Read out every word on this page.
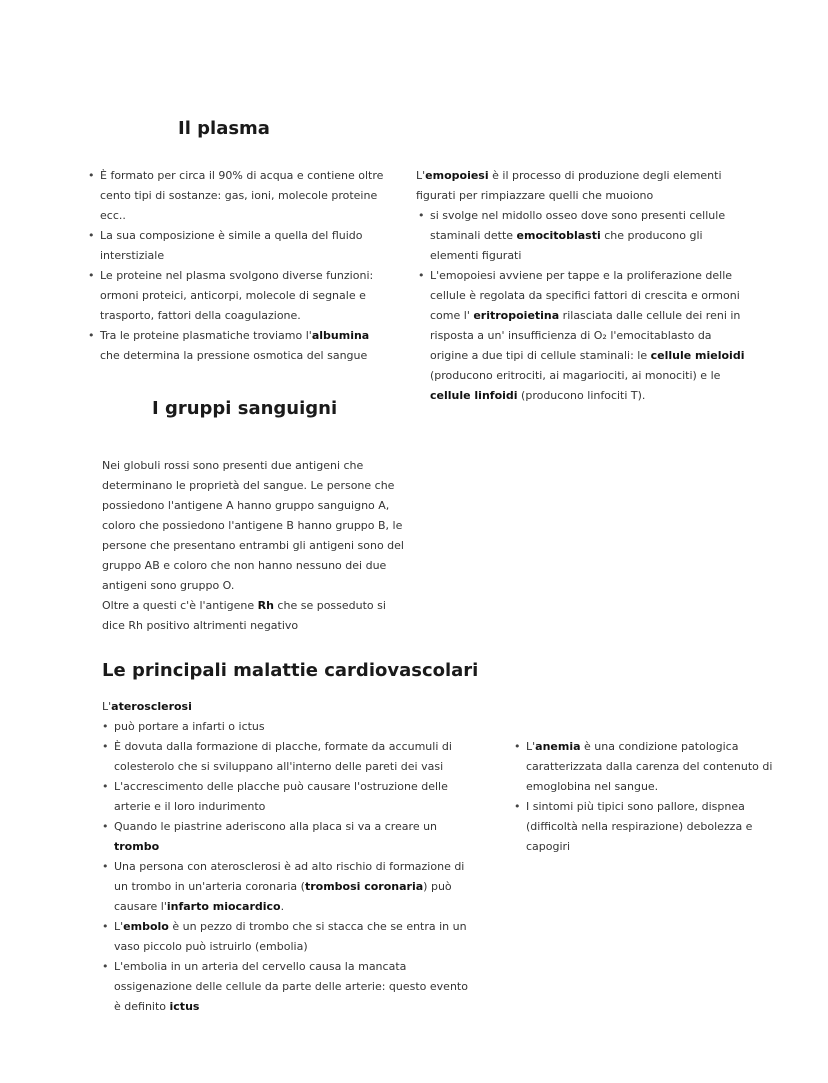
Il plasma
• È formato per circa il 90% di acqua e contiene oltre cento tipi di sostanze: gas, ioni, molecole proteine ecc..
• La sua composizione è simile a quella del fluido interstiziale
• Le proteine nel plasma svolgono diverse funzioni: ormoni proteici, anticorpi, molecole di segnale e trasporto, fattori della coagulazione.
• Tra le proteine plasmatiche troviamo l'albumina che determina la pressione osmotica del sangue

L'emopoiesi è il processo di produzione degli elementi figurati per rimpiazzare quelli che muoiono

• si svolge nel midollo osseo dove sono presenti cellule staminali dette emocitoblasti che producono gli elementi figurati
• L'emopoiesi avviene per tappe e la proliferazione delle cellule è regolata da specifici fattori di crescita e ormoni come l' eritropoietina rilasciata dalle cellule dei reni in risposta a un' insufficienza di O₂ l'emocitablasto da origine a due tipi di cellule staminali: le cellule mieloidi (producono eritrociti, ai magariociti, ai monociti) e le cellule linfoidi (producono linfociti T).
I gruppi sanguigni

Nei globuli rossi sono presenti due antigeni che determinano le proprietà del sangue. Le persone che possiedono l'antigene A hanno gruppo sanguigno A, coloro che possiedono l'antigene B hanno gruppo B, le persone che presentano entrambi gli antigeni sono del gruppo AB e coloro che non hanno nessuno dei due antigeni sono gruppo O.

Oltre a questi c'è l'antigene Rh che se posseduto si dice Rh positivo altrimenti negativo

Le principali malattie cardiovascolari

L'aterosclerosi

• può portare a infarti o ictus
• È dovuta dalla formazione di placche, formate da accumuli di colesterolo che si sviluppano all'interno delle pareti dei vasi
• L'accrescimento delle placche può causare l'ostruzione delle arterie e il loro indurimento
• Quando le piastrine aderiscono alla placa si va a creare un trombo
• Una persona con aterosclerosi è ad alto rischio di formazione di un trombo in un'arteria coronaria (trombosi coronaria) può causare l'infarto miocardico.
• L'embolo è un pezzo di trombo che si stacca che se entra in un vaso piccolo può istruirlo (embolia)
• L'embolia in un arteria del cervello causa la mancata ossigenazione delle cellule da parte delle arterie: questo evento è definito ictus
• L'anemia è una condizione patologica caratterizzata dalla carenza del contenuto di emoglobina nel sangue.
• I sintomi più tipici sono pallore, dispnea (difficoltà nella respirazione) debolezza e capogiri
